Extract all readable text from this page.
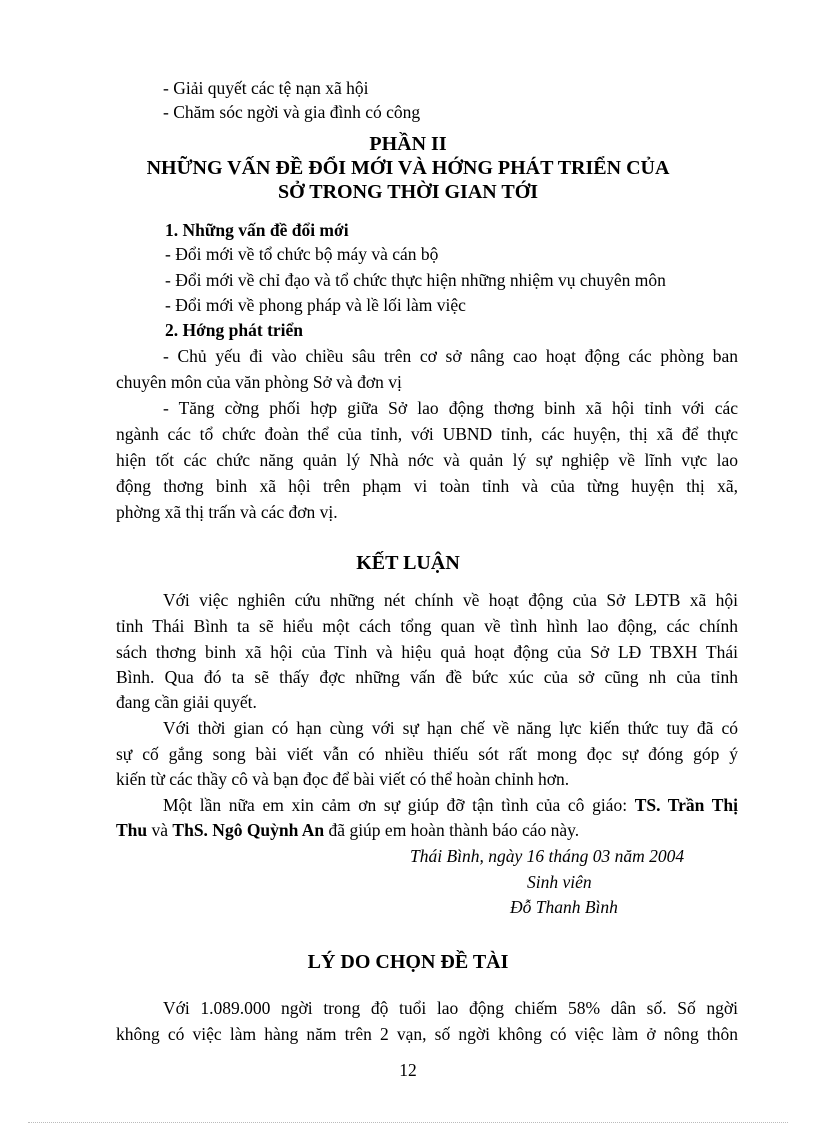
- Giải quyết các tệ nạn xã hội
- Chăm sóc ngời và gia đình có công
PHẦN II
NHỮNG VẤN ĐỀ ĐỔI MỚI VÀ HỚNG PHÁT TRIỂN CỦA
SỞ TRONG THỜI GIAN TỚI
1. Những vấn đề đổi mới
- Đổi mới về tổ chức bộ máy và cán bộ
- Đổi mới về chỉ đạo và tổ chức thực hiện những nhiệm vụ chuyên môn
- Đổi mới về phong pháp và lề lối làm việc
2. Hớng phát triển
- Chủ yếu đi vào chiều sâu trên cơ sở nâng cao hoạt động các phòng ban
chuyên môn của văn phòng Sở và đơn vị
- Tăng cờng phối hợp giữa Sở lao động thơng binh xã hội tỉnh với các
ngành các tổ chức đoàn thể của tỉnh, với UBND tỉnh, các huyện, thị xã để thực
hiện tốt các chức năng quản lý Nhà nớc và quản lý sự nghiệp về lĩnh vực lao
động thơng binh xã hội trên phạm vi toàn tỉnh và của từng huyện thị xã,
phờng xã thị trấn và các đơn vị.
KẾT LUẬN
Với việc nghiên cứu những nét chính về hoạt động của Sở LĐTB xã hội
tỉnh Thái Bình ta sẽ hiểu một cách tổng quan về tình hình lao động, các chính
sách thơng binh xã hội của Tỉnh và hiệu quả hoạt động của Sở LĐ TBXH Thái
Bình. Qua đó ta sẽ thấy đợc những vấn đề bức xúc của sở cũng nh của tỉnh
đang cần giải quyết.
Với thời gian có hạn cùng với sự hạn chế về năng lực kiến thức tuy đã có
sự cố gắng song bài viết vẫn có nhiều thiếu sót rất mong đọc sự đóng góp ý
kiến từ các thầy cô và bạn đọc để bài viết có thể hoàn chỉnh hơn.
Một lần nữa em xin cảm ơn sự giúp đỡ tận tình của cô giáo: TS. Trần Thị
Thu và ThS. Ngô Quỳnh An đã giúp em hoàn thành báo cáo này.
Thái Bình, ngày 16 tháng 03 năm 2004
Sinh viên
Đỗ Thanh Bình
LÝ DO CHỌN ĐỀ TÀI
Với 1.089.000 ngời trong độ tuổi lao động chiếm 58% dân số. Số ngời
không có việc làm hàng năm trên 2 vạn, số ngời không có việc làm ở nông thôn
12
